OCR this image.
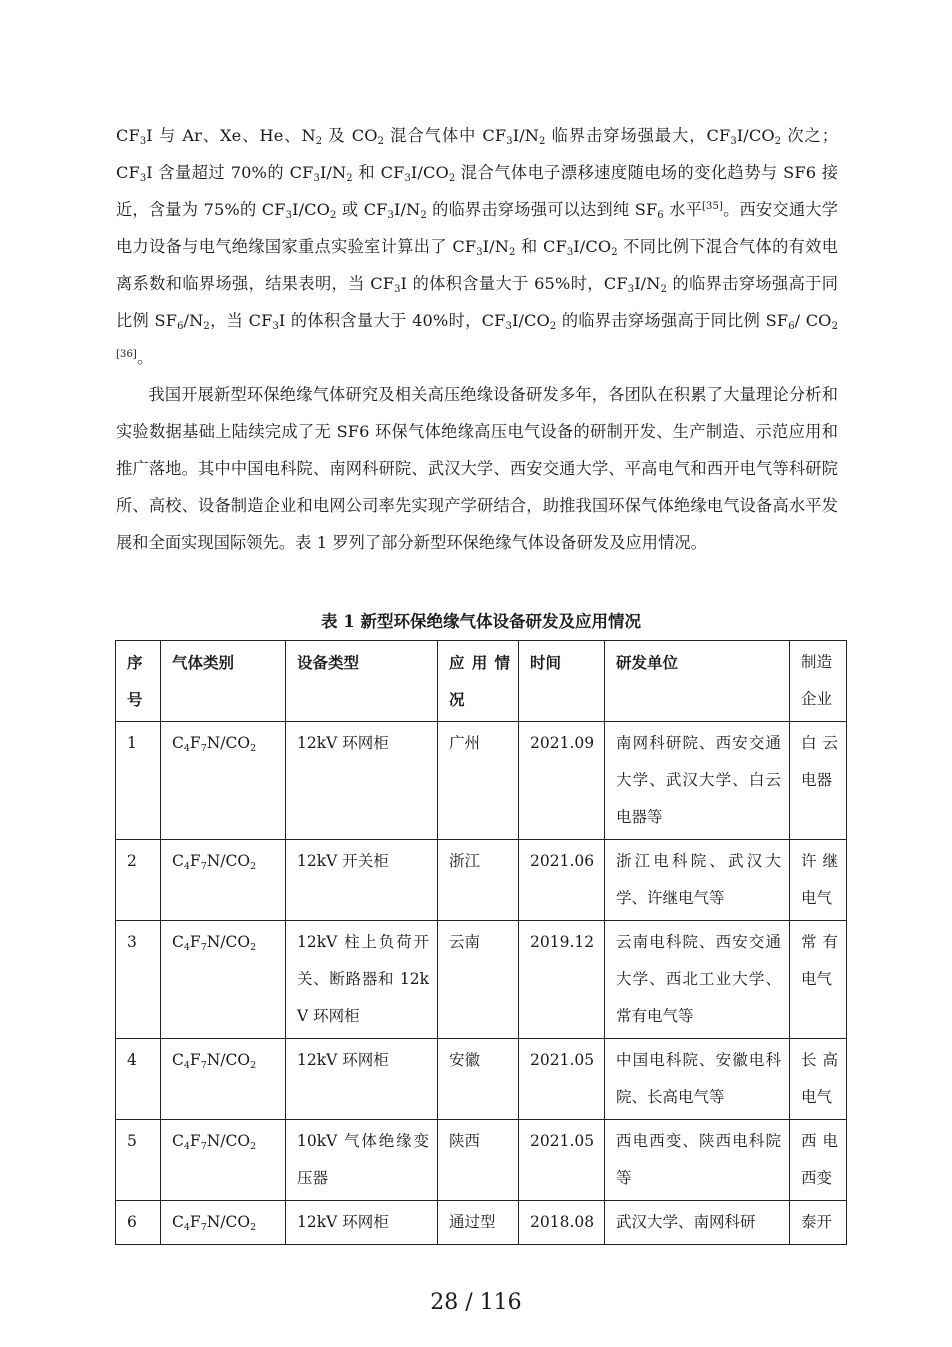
$CF_3I$ 与 Ar、Xe、He、$N_2$ 及 $CO_2$ 混合气体中 $CF_3I/N_2$ 临界击穿场强最大，$CF_3I/CO_2$ 次之；$CF_3I$ 含量超过 70%的 $CF_3I/N_2$ 和 $CF_3I/CO_2$ 混合气体电子漂移速度随电场的变化趋势与 SF6 接近，含量为 75%的 $CF_3I/CO_2$ 或 $CF_3I/N_2$ 的临界击穿场强可以达到纯 $SF_6$ 水平[35]。西安交通大学电力设备与电气绝缘国家重点实验室计算出了 $CF_3I/N_2$ 和 $CF_3I/CO_2$ 不同比例下混合气体的有效电离系数和临界场强，结果表明，当 $CF_3I$ 的体积含量大于 65%时，$CF_3I/N_2$ 的临界击穿场强高于同比例 $SF_6/N_2$，当 $CF_3I$ 的体积含量大于 40%时，$CF_3I/CO_2$ 的临界击穿场强高于同比例 $SF_6/$ $CO_2$ [36]。

我国开展新型环保绝缘气体研究及相关高压绝缘设备研发多年，各团队在积累了大量理论分析和实验数据基础上陆续完成了无 SF6 环保气体绝缘高压电气设备的研制开发、生产制造、示范应用和推广落地。其中中国电科院、南网科研院、武汉大学、西安交通大学、平高电气和西开电气等科研院所、高校、设备制造企业和电网公司率先实现产学研结合，助推我国环保气体绝缘电气设备高水平发展和全面实现国际领先。表 1 罗列了部分新型环保绝缘气体设备研发及应用情况。

表 1 新型环保绝缘气体设备研发及应用情况
序号	气体类别	设备类型	应用情况	时间	研发单位	制造企业
1	$C_4F_7N/CO_2$	12kV 环网柜	广州	2021.09	南网科研院、西安交通大学、武汉大学、白云电器等	白云电器
2	$C_4F_7N/CO_2$	12kV 开关柜	浙江	2021.06	浙江电科院、武汉大学、许继电气等	许继电气
3	$C_4F_7N/CO_2$	12kV 柱上负荷开关、断路器和 12kV 环网柜	云南	2019.12	云南电科院、西安交通大学、西北工业大学、常有电气等	常有电气
4	$C_4F_7N/CO_2$	12kV 环网柜	安徽	2021.05	中国电科院、安徽电科院、长高电气等	长高电气
5	$C_4F_7N/CO_2$	10kV 气体绝缘变压器	陕西	2021.05	西电西变、陕西电科院等	西电西变
6	$C_4F_7N/CO_2$	12kV 环网柜	通过型	2018.08	武汉大学、南网科研	泰开
28 / 116
